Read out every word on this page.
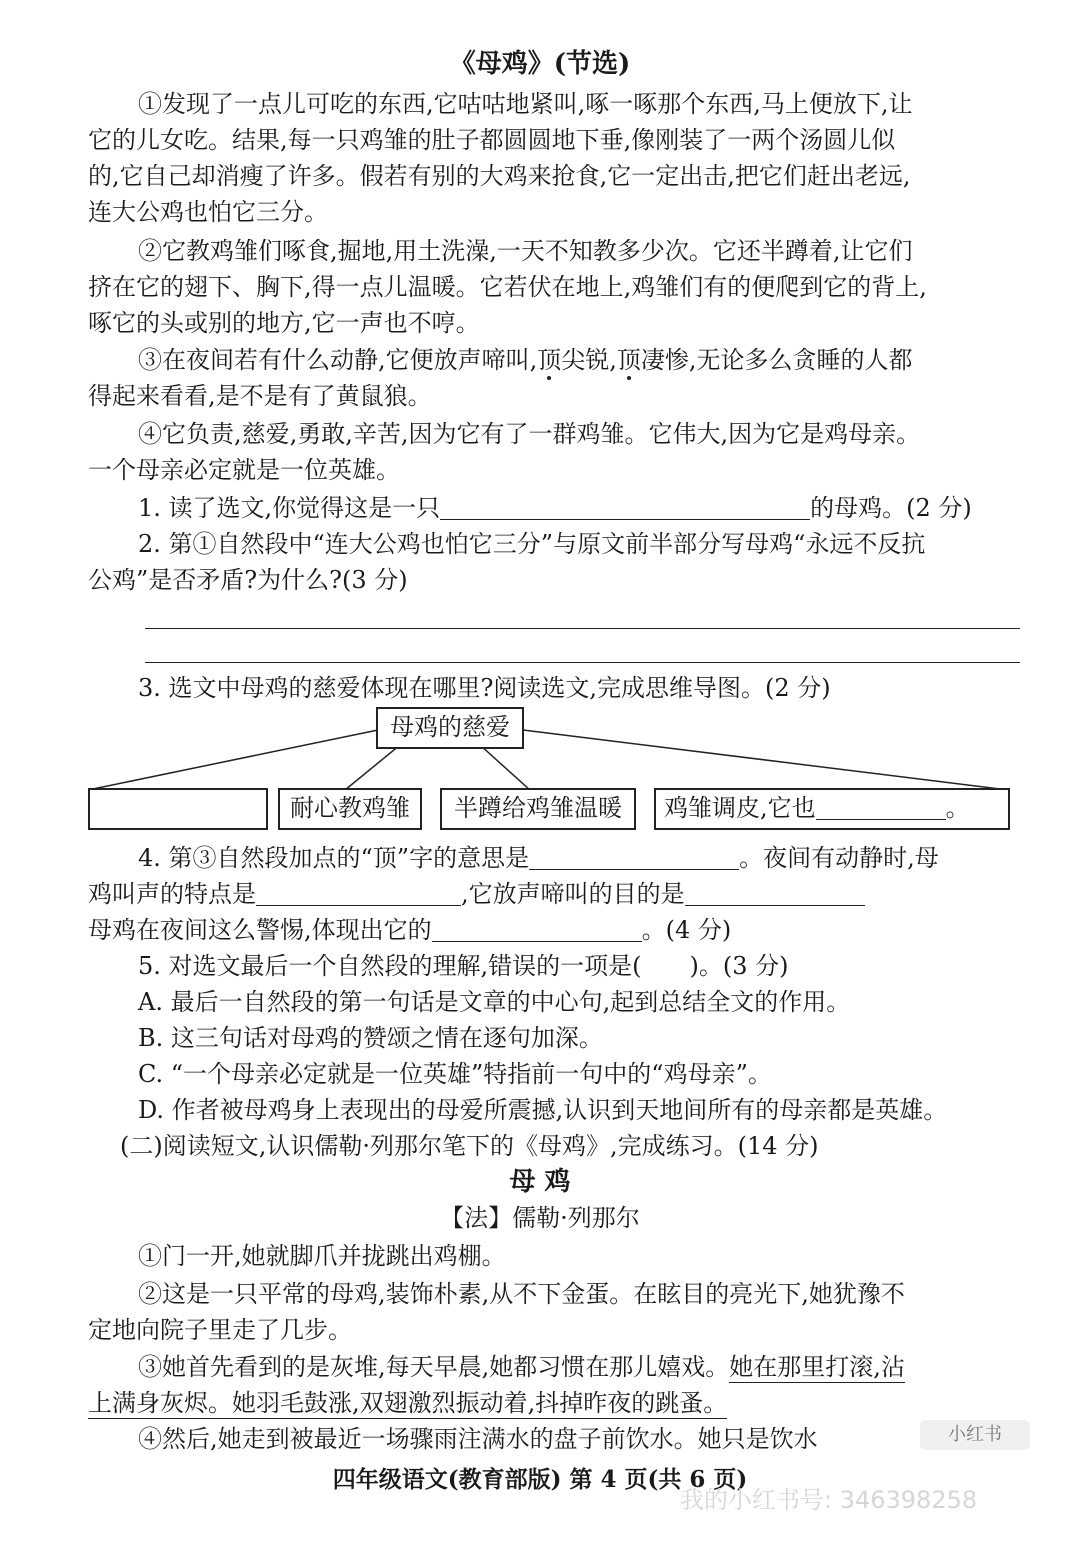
《母鸡》(节选)
①发现了一点儿可吃的东西,它咕咕地紧叫,啄一啄那个东西,马上便放下,让
它的儿女吃。结果,每一只鸡雏的肚子都圆圆地下垂,像刚装了一两个汤圆儿似
的,它自己却消瘦了许多。假若有别的大鸡来抢食,它一定出击,把它们赶出老远,
连大公鸡也怕它三分。
②它教鸡雏们啄食,掘地,用土洗澡,一天不知教多少次。它还半蹲着,让它们
挤在它的翅下、胸下,得一点儿温暖。它若伏在地上,鸡雏们有的便爬到它的背上,
啄它的头或别的地方,它一声也不哼。
③在夜间若有什么动静,它便放声啼叫,顶尖锐,顶凄惨,无论多么贪睡的人都
得起来看看,是不是有了黄鼠狼。
④它负责,慈爱,勇敢,辛苦,因为它有了一群鸡雏。它伟大,因为它是鸡母亲。
一个母亲必定就是一位英雄。
1. 读了选文,你觉得这是一只	的母鸡。(2 分)
2. 第①自然段中“连大公鸡也怕它三分”与原文前半部分写母鸡“永远不反抗
公鸡”是否矛盾?为什么?(3 分)
3. 选文中母鸡的慈爱体现在哪里?阅读选文,完成思维导图。(2 分)
母鸡的慈爱
耐心教鸡雏	半蹲给鸡雏温暖	鸡雏调皮,它也	。
4. 第③自然段加点的“顶”字的意思是	。夜间有动静时,母
鸡叫声的特点是	,它放声啼叫的目的是
母鸡在夜间这么警惕,体现出它的	。(4 分)
5. 对选文最后一个自然段的理解,错误的一项是( )。(3 分)
A. 最后一自然段的第一句话是文章的中心句,起到总结全文的作用。
B. 这三句话对母鸡的赞颂之情在逐句加深。
C. “一个母亲必定就是一位英雄”特指前一句中的“鸡母亲”。
D. 作者被母鸡身上表现出的母爱所震撼,认识到天地间所有的母亲都是英雄。
(二)阅读短文,认识儒勒·列那尔笔下的《母鸡》,完成练习。(14 分)
母 鸡
【法】儒勒·列那尔
①门一开,她就脚爪并拢跳出鸡棚。
②这是一只平常的母鸡,装饰朴素,从不下金蛋。在眩目的亮光下,她犹豫不
定地向院子里走了几步。
③她首先看到的是灰堆,每天早晨,她都习惯在那儿嬉戏。她在那里打滚,沾
上满身灰烬。她羽毛鼓涨,双翅激烈振动着,抖掉昨夜的跳蚤。
④然后,她走到被最近一场骤雨注满水的盘子前饮水。她只是饮水	小红书
四年级语文(教育部版) 第 4 页(共 6 页)
我的小红书号: 346398258
